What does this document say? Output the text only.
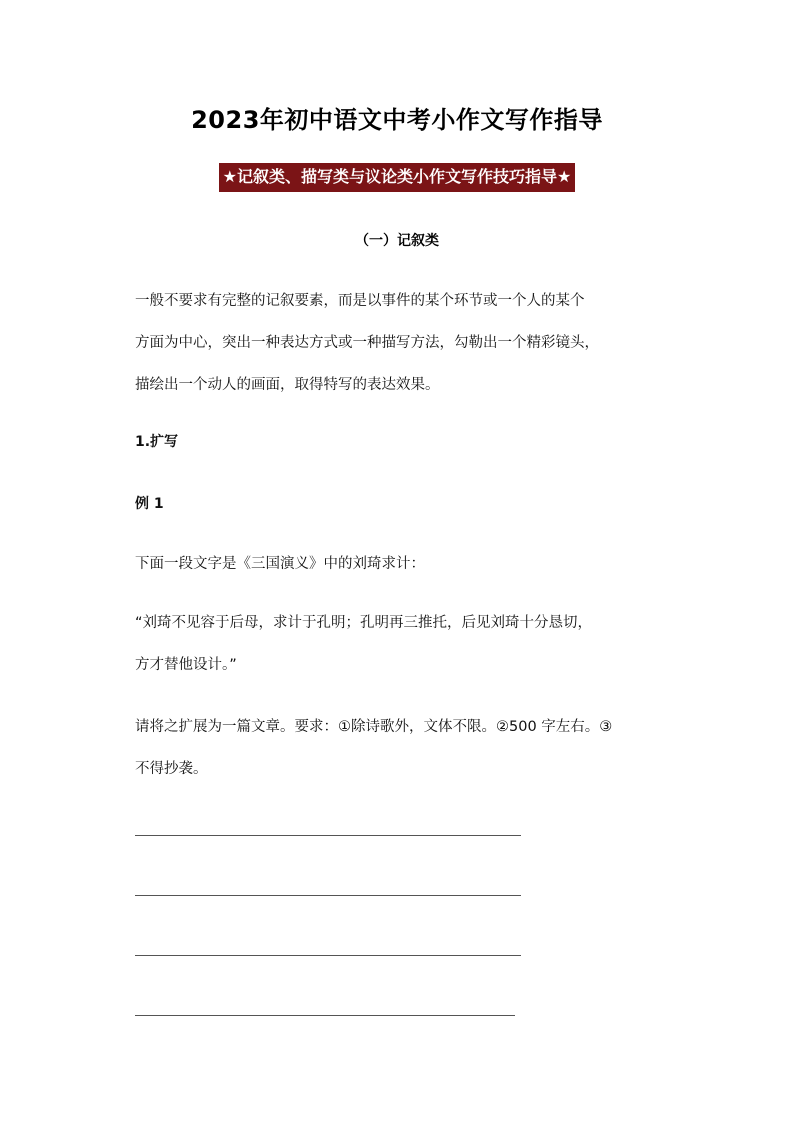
2023年初中语文中考小作文写作指导
★记叙类、描写类与议论类小作文写作技巧指导★
（一）记叙类
一般不要求有完整的记叙要素，而是以事件的某个环节或一个人的某个
方面为中心，突出一种表达方式或一种描写方法，勾勒出一个精彩镜头，
描绘出一个动人的画面，取得特写的表达效果。
1.扩写
例 1
下面一段文字是《三国演义》中的刘琦求计：
“刘琦不见容于后母，求计于孔明；孔明再三推托，后见刘琦十分恳切，
方才替他设计。”
请将之扩展为一篇文章。要求：①除诗歌外，文体不限。②500 字左右。③
不得抄袭。
